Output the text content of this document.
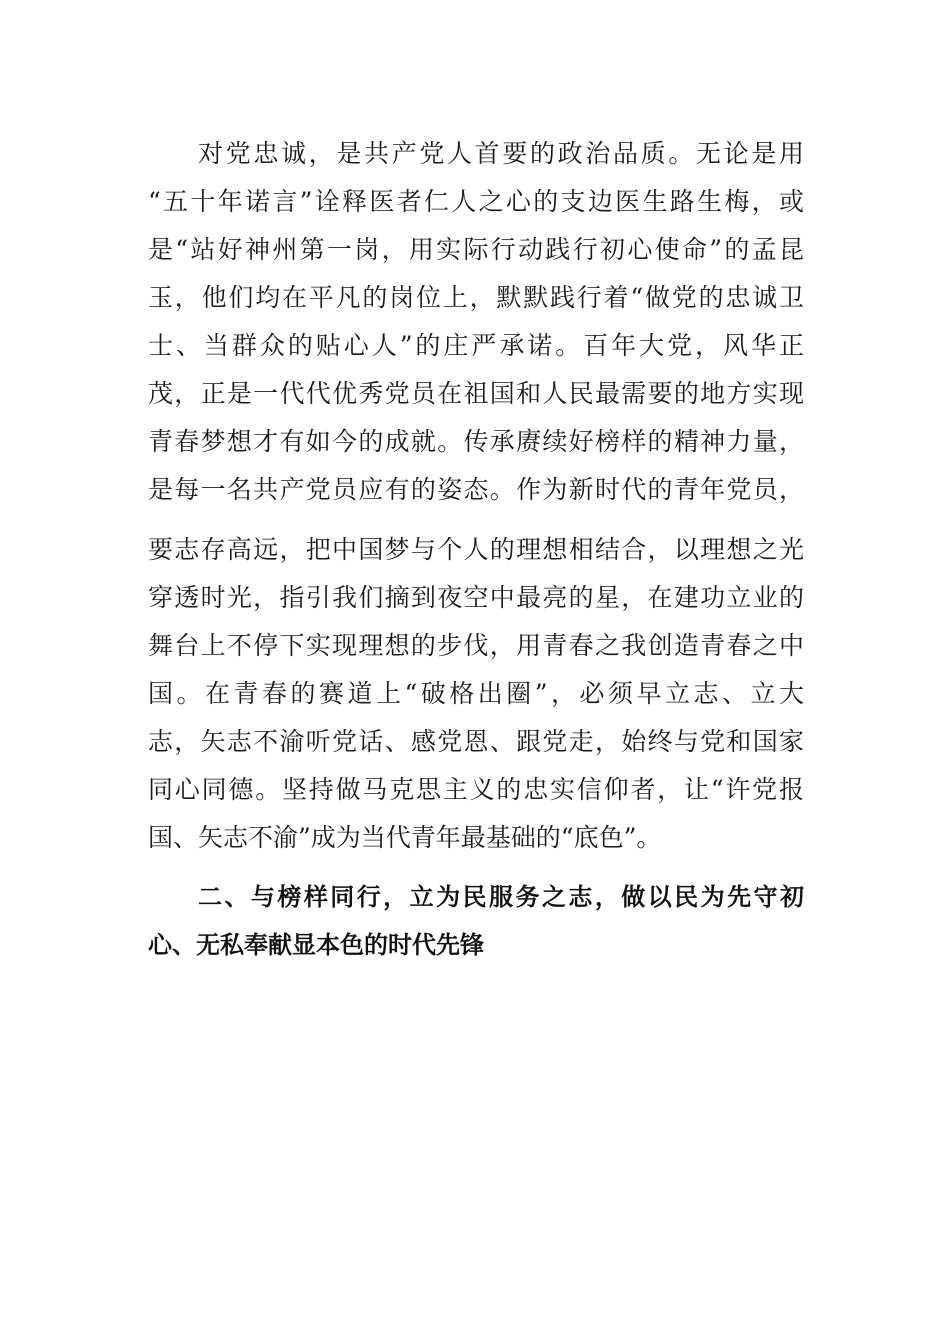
对党忠诚，是共产党人首要的政治品质。无论是用
“五十年诺言”诠释医者仁人之心的支边医生路生梅，或
是“站好神州第一岗，用实际行动践行初心使命”的孟昆
玉，他们均在平凡的岗位上，默默践行着“做党的忠诚卫
士、当群众的贴心人”的庄严承诺。百年大党，风华正
茂，正是一代代优秀党员在祖国和人民最需要的地方实现
青春梦想才有如今的成就。传承赓续好榜样的精神力量，
是每一名共产党员应有的姿态。作为新时代的青年党员，
要志存高远，把中国梦与个人的理想相结合，以理想之光
穿透时光，指引我们摘到夜空中最亮的星，在建功立业的
舞台上不停下实现理想的步伐，用青春之我创造青春之中
国。在青春的赛道上“破格出圈”，必须早立志、立大
志，矢志不渝听党话、感党恩、跟党走，始终与党和国家
同心同德。坚持做马克思主义的忠实信仰者，让“许党报
国、矢志不渝”成为当代青年最基础的“底色”。
二、与榜样同行，立为民服务之志，做以民为先守初
心、无私奉献显本色的时代先锋
